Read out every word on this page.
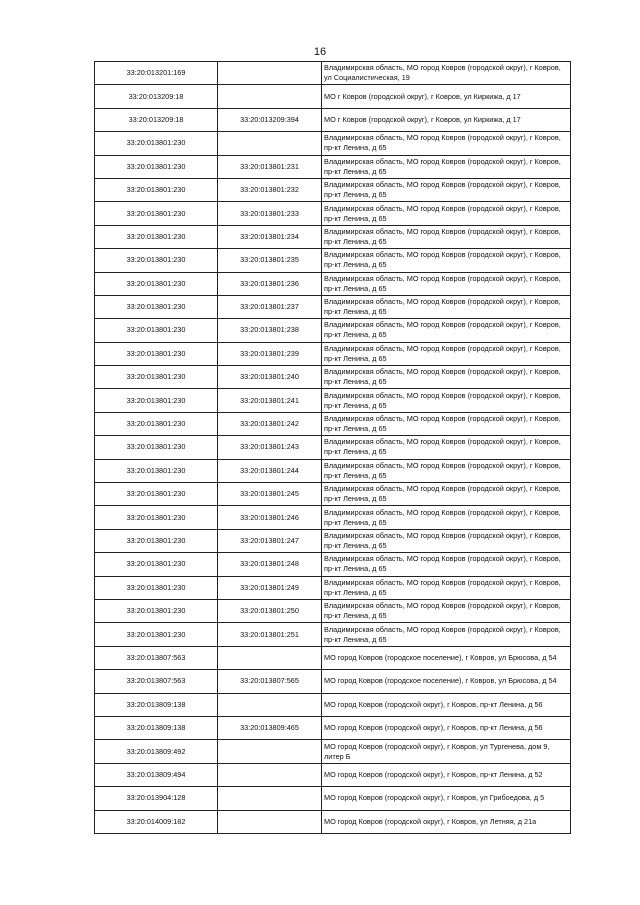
16
33:20:013201:169		Владимирская область, МО город Ковров (городской округ), г Ковров, ул Социалистическая, 19
33:20:013209:18		МО г Ковров (городской округ), г Ковров, ул Киркижа, д 17
33:20:013209:18	33:20:013209:394	МО г Ковров (городской округ), г Ковров, ул Киркижа, д 17
33:20:013801:230		Владимирская область, МО город Ковров (городской округ), г Ковров, пр-кт Ленина, д 65
33:20:013801:230	33:20:013801:231	Владимирская область, МО город Ковров (городской округ), г Ковров, пр-кт Ленина, д 65
33:20:013801:230	33:20:013801:232	Владимирская область, МО город Ковров (городской округ), г Ковров, пр-кт Ленина, д 65
33:20:013801:230	33:20:013801:233	Владимирская область, МО город Ковров (городской округ), г Ковров, пр-кт Ленина, д 65
33:20:013801:230	33:20:013801:234	Владимирская область, МО город Ковров (городской округ), г Ковров, пр-кт Ленина, д 65
33:20:013801:230	33:20:013801:235	Владимирская область, МО город Ковров (городской округ), г Ковров, пр-кт Ленина, д 65
33:20:013801:230	33:20:013801:236	Владимирская область, МО город Ковров (городской округ), г Ковров, пр-кт Ленина, д 65
33:20:013801:230	33:20:013801:237	Владимирская область, МО город Ковров (городской округ), г Ковров, пр-кт Ленина, д 65
33:20:013801:230	33:20:013801:238	Владимирская область, МО город Ковров (городской округ), г Ковров, пр-кт Ленина, д 65
33:20:013801:230	33:20:013801:239	Владимирская область, МО город Ковров (городской округ), г Ковров, пр-кт Ленина, д 65
33:20:013801:230	33:20:013801:240	Владимирская область, МО город Ковров (городской округ), г Ковров, пр-кт Ленина, д 65
33:20:013801:230	33:20:013801:241	Владимирская область, МО город Ковров (городской округ), г Ковров, пр-кт Ленина, д 65
33:20:013801:230	33:20:013801:242	Владимирская область, МО город Ковров (городской округ), г Ковров, пр-кт Ленина, д 65
33:20:013801:230	33:20:013801:243	Владимирская область, МО город Ковров (городской округ), г Ковров, пр-кт Ленина, д 65
33:20:013801:230	33:20:013801:244	Владимирская область, МО город Ковров (городской округ), г Ковров, пр-кт Ленина, д 65
33:20:013801:230	33:20:013801:245	Владимирская область, МО город Ковров (городской округ), г Ковров, пр-кт Ленина, д 65
33:20:013801:230	33:20:013801:246	Владимирская область, МО город Ковров (городской округ), г Ковров, пр-кт Ленина, д 65
33:20:013801:230	33:20:013801:247	Владимирская область, МО город Ковров (городской округ), г Ковров, пр-кт Ленина, д 65
33:20:013801:230	33:20:013801:248	Владимирская область, МО город Ковров (городской округ), г Ковров, пр-кт Ленина, д 65
33:20:013801:230	33:20:013801:249	Владимирская область, МО город Ковров (городской округ), г Ковров, пр-кт Ленина, д 65
33:20:013801:230	33:20:013801:250	Владимирская область, МО город Ковров (городской округ), г Ковров, пр-кт Ленина, д 65
33:20:013801:230	33:20:013801:251	Владимирская область, МО город Ковров (городской округ), г Ковров, пр-кт Ленина, д 65
33:20:013807:563		МО город Ковров (городское поселение), г Ковров, ул Брюсова, д 54
33:20:013807:563	33:20:013807:565	МО город Ковров (городское поселение), г Ковров, ул Брюсова, д 54
33:20:013809:138		МО город Ковров (городской округ), г Ковров, пр-кт Ленина, д 56
33:20:013809:138	33:20:013809:465	МО город Ковров (городской округ), г Ковров, пр-кт Ленина, д 56
33:20:013809:492		МО город Ковров (городской округ), г Ковров, ул Тургенева, дом 9, литер Б
33:20:013809:494		МО город Ковров (городской округ), г Ковров, пр-кт Ленина, д 52
33:20:013904:128		МО город Ковров (городской округ), г Ковров, ул Грибоедова, д 5
33:20:014009:182		МО город Ковров (городской округ), г Ковров, ул Летняя, д 21а
